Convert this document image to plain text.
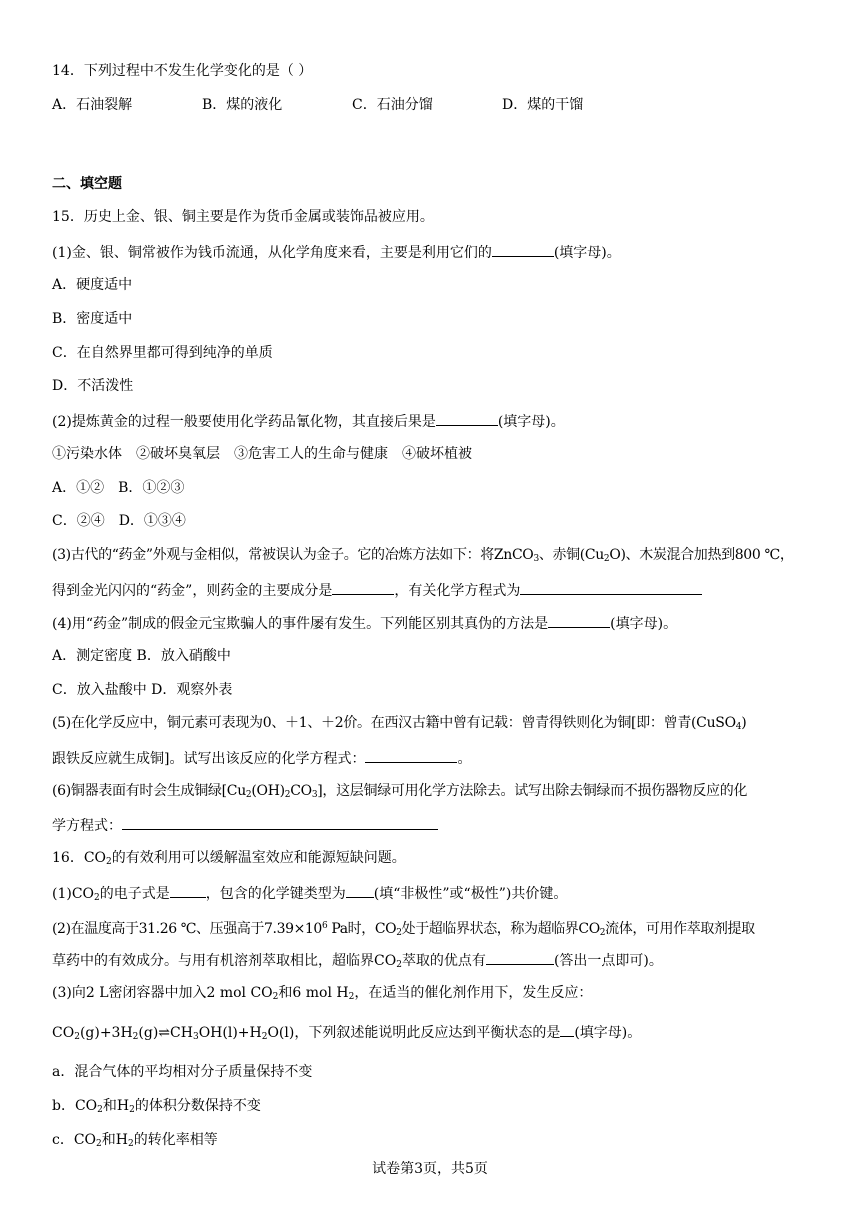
14．下列过程中不发生化学变化的是（ ）
A．石油裂解	B．煤的液化	C．石油分馏	D．煤的干馏
二、填空题
15．历史上金、银、铜主要是作为货币金属或装饰品被应用。
(1)金、银、铜常被作为钱币流通，从化学角度来看，主要是利用它们的	(填字母)。
A．硬度适中
B．密度适中
C．在自然界里都可得到纯净的单质
D．不活泼性
(2)提炼黄金的过程一般要使用化学药品氰化物，其直接后果是	(填字母)。
①污染水体　②破坏臭氧层　③危害工人的生命与健康　④破坏植被
A．①②　B．①②③
C．②④　D．①③④
(3)古代的“药金”外观与金相似，常被误认为金子。它的冶炼方法如下：将ZnCO$_3$、赤铜$(Cu_2O)$、木炭混合加热到800 ℃，
得到金光闪闪的“药金”，则药金的主要成分是	，有关化学方程式为
(4)用“药金”制成的假金元宝欺骗人的事件屡有发生。下列能区别其真伪的方法是	(填字母)。
A．测定密度 B．放入硝酸中
C．放入盐酸中 D．观察外表
(5)在化学反应中，铜元素可表现为0、＋1、＋2价。在西汉古籍中曾有记载：曾青得铁则化为铜[即：曾青(CuSO$_4$)
跟铁反应就生成铜]。试写出该反应的化学方程式：	。
(6)铜器表面有时会生成铜绿$[Cu_2(OH)_2CO_3]$，这层铜绿可用化学方法除去。试写出除去铜绿而不损伤器物反应的化
学方程式：
16．$CO_2$的有效利用可以缓解温室效应和能源短缺问题。
$(1)CO_2$的电子式是	，包含的化学键类型为 (填“非极性”或“极性”)共价键。
(2)在温度高于31.26 ℃、压强高于$7.39\times 10^6$ Pa时，$CO_2$处于超临界状态，称为超临界$CO_2$流体，可用作萃取剂提取
草药中的有效成分。与用有机溶剂萃取相比，超临界$CO_2$萃取的优点有	(答出一点即可)。
(3)向2 L密闭容器中加入2 mol $CO_2$和6 mol $H_2$，在适当的催化剂作用下，发生反应：
$CO_2(g)+3H_2(g)\rightleftharpoons CH_3OH(l)+H_2O(l)$，下列叙述能说明此反应达到平衡状态的是 (填字母)。
a．混合气体的平均相对分子质量保持不变
b．$CO_2$和$H_2$的体积分数保持不变
c．$CO_2$和$H_2$的转化率相等
试卷第3页，共5页
